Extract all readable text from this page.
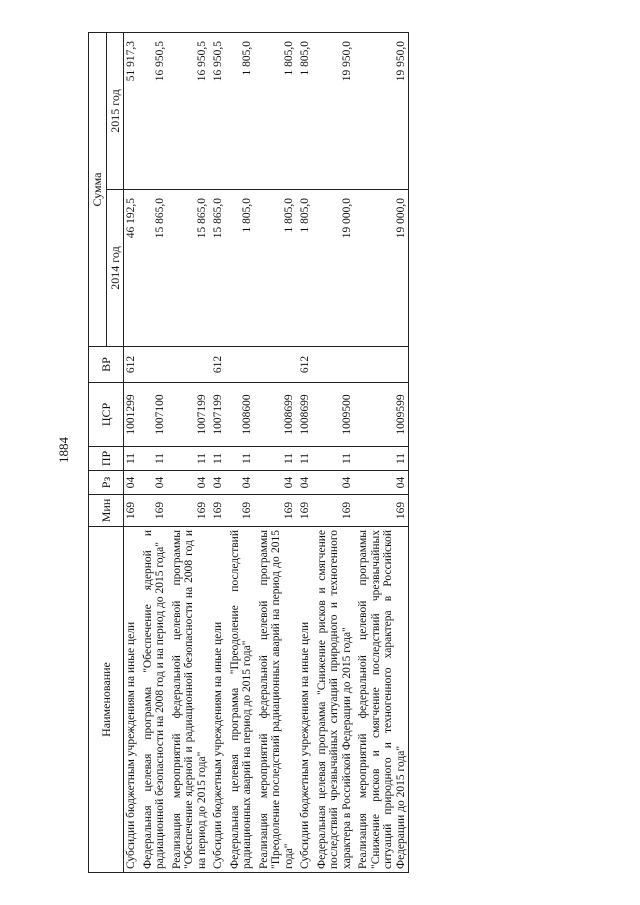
1884
Наименование	Мин	Рз	ПР	ЦСР	ВР	Сумма	
						2014 год	2015 год
Субсидии бюджетным учреждениям на иные цели	169	04	11	1001299	612	46 192,5	51 917,3
Федеральная целевая программа "Обеспечение ядерной и радиационной безопасности на 2008 год и на период до 2015 года"	169	04	11	1007100		15 865,0	16 950,5
Реализация мероприятий федеральной целевой программы "Обеспечение ядерной и радиационной безопасности на 2008 год и на период до 2015 года"	169	04	11	1007199		15 865,0	16 950,5
Субсидии бюджетным учреждениям на иные цели	169	04	11	1007199	612	15 865,0	16 950,5
Федеральная целевая программа "Преодоление последствий радиационных аварий на период до 2015 года"	169	04	11	1008600		1 805,0	1 805,0
Реализация мероприятий федеральной целевой программы "Преодоление последствий радиационных аварий на период до 2015 года"	169	04	11	1008699		1 805,0	1 805,0
Субсидии бюджетным учреждениям на иные цели	169	04	11	1008699	612	1 805,0	1 805,0
Федеральная целевая программа "Снижение рисков и смягчение последствий чрезвычайных ситуаций природного и техногенного характера в Российской Федерации до 2015 года"	169	04	11	1009500		19 000,0	19 950,0
Реализация мероприятий федеральной целевой программы "Снижение рисков и смягчение последствий чрезвычайных ситуаций природного и техногенного характера в Российской Федерации до 2015 года"	169	04	11	1009599		19 000,0	19 950,0
